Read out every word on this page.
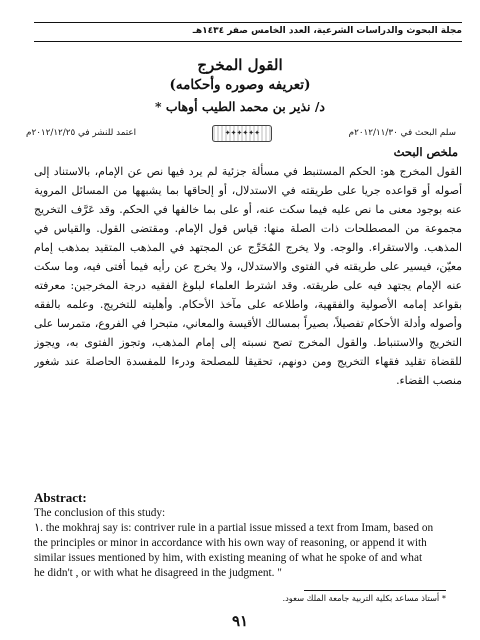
مجلة البحوث والدراسات الشرعية، العدد الخامس صفر ١٤٣٤هـ
القول المخرج
(تعريفه وصوره وأحكامه)
د/ نذير بن محمد الطيب أوهاب *
سلم البحث في ٢٠١٢/١١/٣٠م
✦✦✦✦✦✦
اعتمد للنشر في ٢٠١٢/١٢/٢٥م
ملخص البحث
القول المخرج هو: الحكم المستنبط في مسألة جزئية لم يرد فيها نص عن الإمام، بالاستناد إلى أصوله أو قواعده جريا على طريقته في الاستدلال، أو إلحاقها بما يشبهها من المسائل المروية عنه بوجود معنى ما نص عليه فيما سكت عنه، أو على بما خالفها في الحكم. وقد عَرَّف التخريج مجموعة من المصطلحات ذات الصلة منها: قياس قول الإمام. ومقتضى القول. والقياس في المذهب. والاستقراء. والوجه. ولا يخرج المُخَرِّج عن المجتهد في المذهب المتقيد بمذهب إمام معيّن، فيسير على طريقته في الفتوى والاستدلال، ولا يخرج عن رأيه فيما أفتى فيه، وما سكت عنه الإمام يجتهد فيه على طريقته. وقد اشترط العلماء لبلوغ الفقيه درجة المخرجين: معرفته بقواعد إمامه الأصولية والفقهية، واطلاعه على مآخذ الأحكام. وأهليته للتخريج. وعلمه بالفقه وأصوله وأدلة الأحكام تفصيلاً، بصيراً بمسالك الأقيسة والمعاني، متبحرا في الفروع، متمرسا على التخريج والاستنباط. والقول المخرج تصح نسبته إلى إمام المذهب، وتجوز الفتوى به، ويجوز للقضاة تقليد فقهاء التخريج ومن دونهم، تحقيقا للمصلحة ودرءا للمفسدة الحاصلة عند شغور منصب القضاء.
Abstract:
The conclusion of this study:
١. the mokhraj say is: contriver rule in a partial issue missed a text from Imam, based on the principles or minor in accordance with his own way of reasoning, or append it with similar issues mentioned by him, with existing meaning of what he spoke of and what he didn't , or with what he disagreed in the judgment. "
* أستاذ مساعد بكلية التربية جامعة الملك سعود.
٩١
